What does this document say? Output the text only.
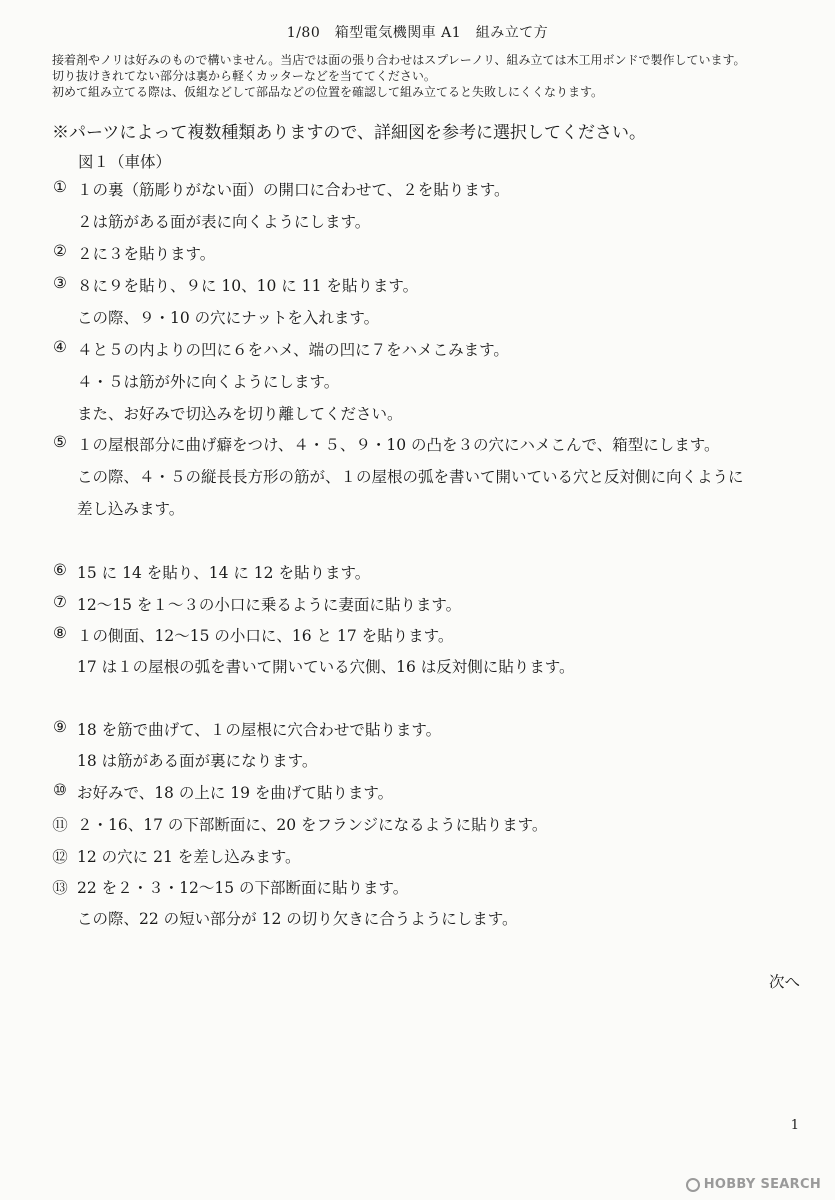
1/80　箱型電気機関車 A1　組み立て方
接着剤やノリは好みのもので構いません。当店では面の張り合わせはスプレーノリ、組み立ては木工用ボンドで製作しています。
切り抜けきれてない部分は裏から軽くカッターなどを当ててください。
初めて組み立てる際は、仮組などして部品などの位置を確認して組み立てると失敗しにくくなります。
※パーツによって複数種類ありますので、詳細図を参考に選択してください。
図１（車体）
① １の裏（筋彫りがない面）の開口に合わせて、２を貼ります。
２は筋がある面が表に向くようにします。
② ２に３を貼ります。
③ ８に９を貼り、９に 10、10 に 11 を貼ります。
この際、９・10 の穴にナットを入れます。
④ ４と５の内よりの凹に６をハメ、端の凹に７をハメこみます。
４・５は筋が外に向くようにします。
また、お好みで切込みを切り離してください。
⑤ １の屋根部分に曲げ癖をつけ、４・５、９・10 の凸を３の穴にハメこんで、箱型にします。
この際、４・５の縦長長方形の筋が、１の屋根の弧を書いて開いている穴と反対側に向くように
差し込みます。
⑥ 15 に 14 を貼り、14 に 12 を貼ります。
⑦ 12～15 を１～３の小口に乗るように妻面に貼ります。
⑧ １の側面、12～15 の小口に、16 と 17 を貼ります。
17 は１の屋根の弧を書いて開いている穴側、16 は反対側に貼ります。
⑨ 18 を筋で曲げて、１の屋根に穴合わせで貼ります。
18 は筋がある面が裏になります。
⑩ お好みで、18 の上に 19 を曲げて貼ります。
⑪ ２・16、17 の下部断面に、20 をフランジになるように貼ります。
⑫ 12 の穴に 21 を差し込みます。
⑬ 22 を２・３・12～15 の下部断面に貼ります。
この際、22 の短い部分が 12 の切り欠きに合うようにします。
次へ
1
HOBBY SEARCH
